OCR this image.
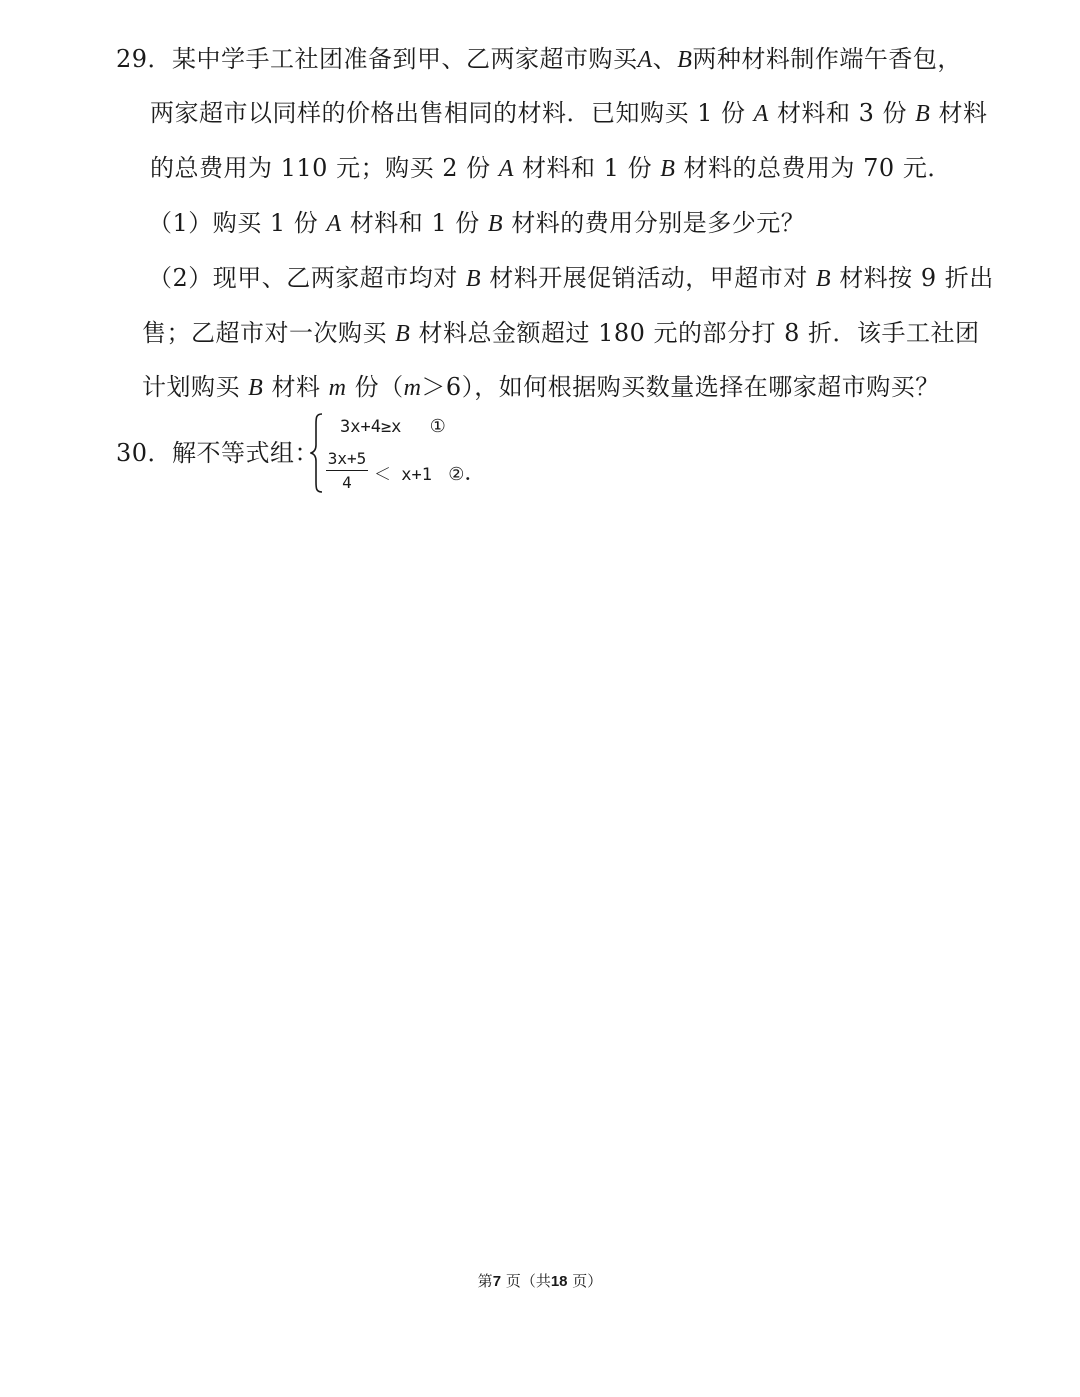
29．某中学手工社团准备到甲、乙两家超市购买A、B两种材料制作端午香包，
两家超市以同样的价格出售相同的材料．已知购买 1 份 A 材料和 3 份 B 材料
的总费用为 110 元；购买 2 份 A 材料和 1 份 B 材料的总费用为 70 元．
（1）购买 1 份 A 材料和 1 份 B 材料的费用分别是多少元？
（2）现甲、乙两家超市均对 B 材料开展促销活动，甲超市对 B 材料按 9 折出
售；乙超市对一次购买 B 材料总金额超过 180 元的部分打 8 折．该手工社团
计划购买 B 材料 m 份（m＞6），如何根据购买数量选择在哪家超市购买？
30．解不等式组：
3x+4≥x ①
$\frac{3x+5}{4} < x+1$ ②．
第7 页（共18 页）
